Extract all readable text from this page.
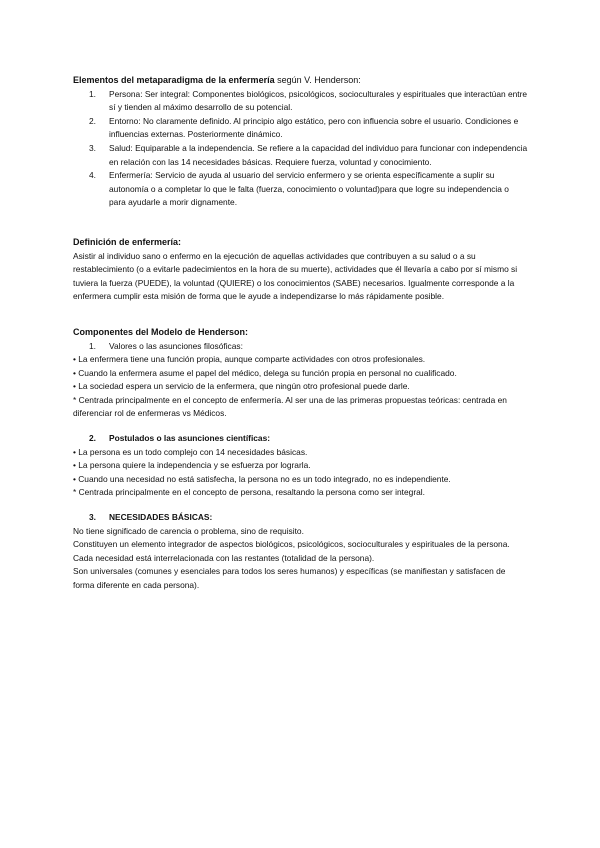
Elementos del metaparadigma de la enfermería según V. Henderson:

1. Persona: Ser integral: Componentes biológicos, psicológicos, socioculturales y espirituales que interactúan entre sí y tienden al máximo desarrollo de su potencial.
2. Entorno: No claramente definido. Al principio algo estático, pero con influencia sobre el usuario. Condiciones e influencias externas. Posteriormente dinámico.
3. Salud: Equiparable a la independencia. Se refiere a la capacidad del individuo para funcionar con independencia en relación con las 14 necesidades básicas. Requiere fuerza, voluntad y conocimiento.
4. Enfermería: Servicio de ayuda al usuario del servicio enfermero y se orienta específicamente a suplir su autonomía o a completar lo que le falta (fuerza, conocimiento o voluntad)para que logre su independencia o para ayudarle a morir dignamente.

Definición de enfermería:

Asistir al individuo sano o enfermo en la ejecución de aquellas actividades que contribuyen a su salud o a su restablecimiento (o a evitarle padecimientos en la hora de su muerte), actividades que él llevaría a cabo por sí mismo si tuviera la fuerza (PUEDE), la voluntad (QUIERE) o los conocimientos (SABE) necesarios. Igualmente corresponde a la enfermera cumplir esta misión de forma que le ayude a independizarse lo más rápidamente posible.

Componentes del Modelo de Henderson:

1. Valores o las asunciones filosóficas:

• La enfermera tiene una función propia, aunque comparte actividades con otros profesionales.

• Cuando la enfermera asume el papel del médico, delega su función propia en personal no cualificado.

• La sociedad espera un servicio de la enfermera, que ningún otro profesional puede darle.

* Centrada principalmente en el concepto de enfermería. Al ser una de las primeras propuestas teóricas: centrada en diferenciar rol de enfermeras vs Médicos.

2. Postulados o las asunciones científicas:

• La persona es un todo complejo con 14 necesidades básicas.

• La persona quiere la independencia y se esfuerza por lograrla.

• Cuando una necesidad no está satisfecha, la persona no es un todo integrado, no es independiente.

* Centrada principalmente en el concepto de persona, resaltando la persona como ser integral.

3. NECESIDADES BÁSICAS:

No tiene significado de carencia o problema, sino de requisito.

Constituyen un elemento integrador de aspectos biológicos, psicológicos, socioculturales y espirituales de la persona.

Cada necesidad está interrelacionada con las restantes (totalidad de la persona).

Son universales (comunes y esenciales para todos los seres humanos) y específicas (se manifiestan y satisfacen de forma diferente en cada persona).
